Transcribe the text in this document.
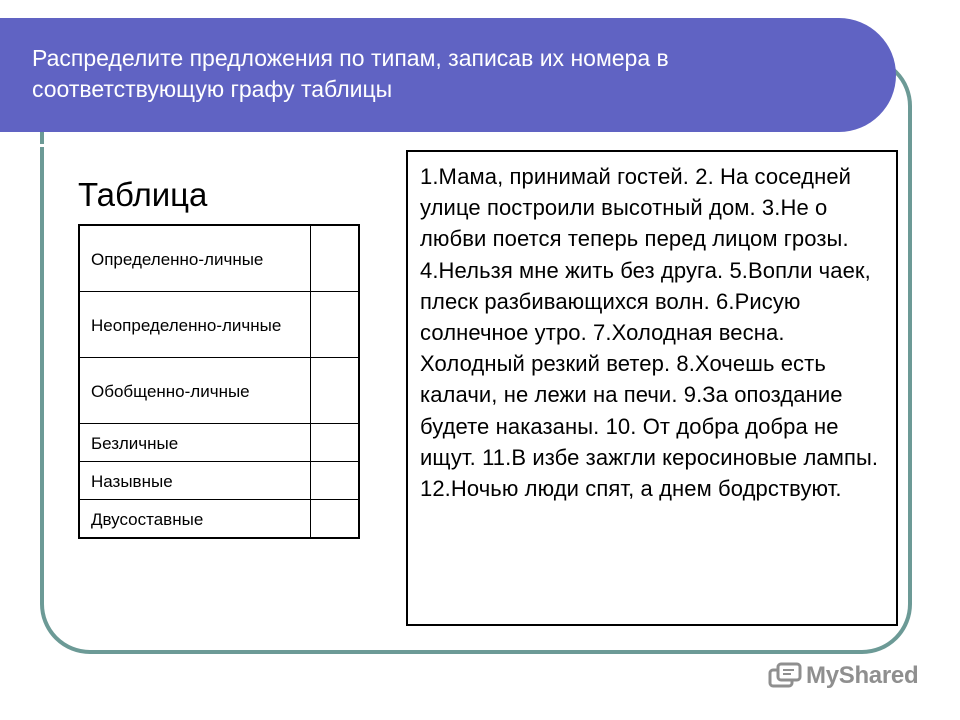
Распределите предложения по типам, записав их номера в соответствующую графу таблицы
Таблица
Определенно-личные	
Неопределенно-личные	
Обобщенно-личные	
Безличные	
Назывные	
Двусоставные	
1.Мама, принимай гостей. 2. На соседней улице построили высотный дом. 3.Не о любви поется теперь перед лицом грозы. 4.Нельзя мне жить без друга. 5.Вопли чаек, плеск разбивающихся волн. 6.Рисую солнечное утро. 7.Холодная весна. Холодный резкий ветер. 8.Хочешь есть калачи, не лежи на печи. 9.За опоздание будете наказаны. 10. От добра добра не ищут. 11.В избе зажгли керосиновые лампы. 12.Ночью люди спят, а днем бодрствуют.
MyShared
